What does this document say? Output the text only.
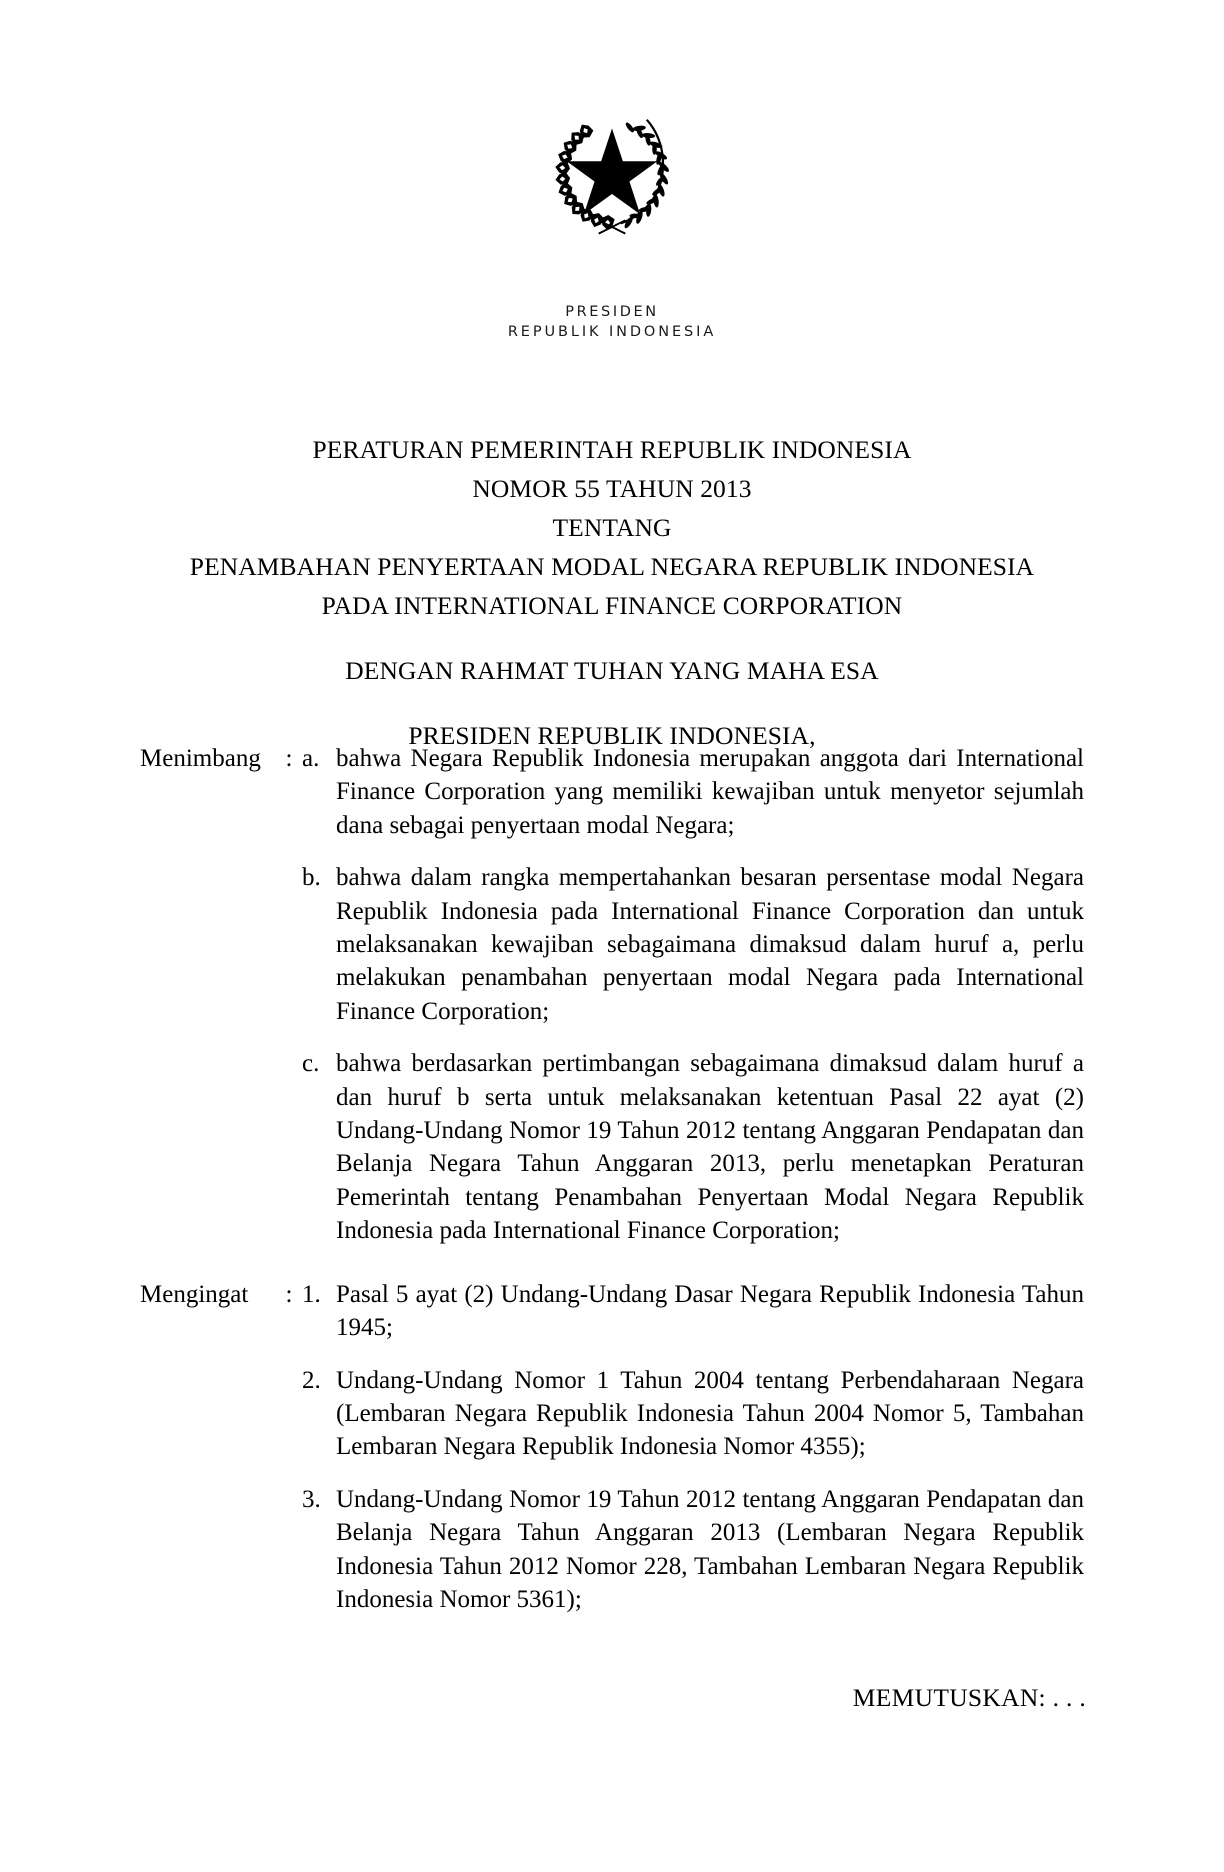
PRESIDEN
REPUBLIK INDONESIA
PERATURAN PEMERINTAH REPUBLIK INDONESIA
NOMOR 55 TAHUN 2013
TENTANG
PENAMBAHAN PENYERTAAN MODAL NEGARA REPUBLIK INDONESIA
PADA INTERNATIONAL FINANCE CORPORATION
DENGAN RAHMAT TUHAN YANG MAHA ESA
PRESIDEN REPUBLIK INDONESIA,
Menimbang : a. bahwa Negara Republik Indonesia merupakan anggota dari International Finance Corporation yang memiliki kewajiban untuk menyetor sejumlah dana sebagai penyertaan modal Negara;
b. bahwa dalam rangka mempertahankan besaran persentase modal Negara Republik Indonesia pada International Finance Corporation dan untuk melaksanakan kewajiban sebagaimana dimaksud dalam huruf a, perlu melakukan penambahan penyertaan modal Negara pada International Finance Corporation;
c. bahwa berdasarkan pertimbangan sebagaimana dimaksud dalam huruf a dan huruf b serta untuk melaksanakan ketentuan Pasal 22 ayat (2) Undang-Undang Nomor 19 Tahun 2012 tentang Anggaran Pendapatan dan Belanja Negara Tahun Anggaran 2013, perlu menetapkan Peraturan Pemerintah tentang Penambahan Penyertaan Modal Negara Republik Indonesia pada International Finance Corporation;
Mengingat	: 1. Pasal 5 ayat (2) Undang-Undang Dasar Negara Republik Indonesia Tahun 1945;
2. Undang-Undang Nomor 1 Tahun 2004 tentang Perbendaharaan Negara (Lembaran Negara Republik Indonesia Tahun 2004 Nomor 5, Tambahan Lembaran Negara Republik Indonesia Nomor 4355);
3. Undang-Undang Nomor 19 Tahun 2012 tentang Anggaran Pendapatan dan Belanja Negara Tahun Anggaran 2013 (Lembaran Negara Republik Indonesia Tahun 2012 Nomor 228, Tambahan Lembaran Negara Republik Indonesia Nomor 5361);
MEMUTUSKAN: . . .
